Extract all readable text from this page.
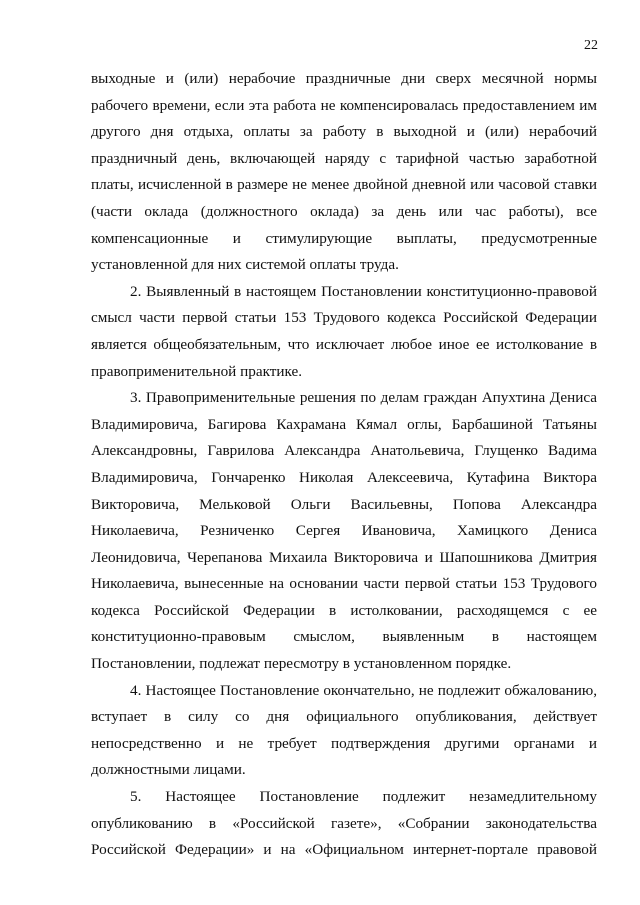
22
выходные и (или) нерабочие праздничные дни сверх месячной нормы
рабочего времени, если эта работа не компенсировалась предоставлением им
другого дня отдыха, оплаты за работу в выходной и (или) нерабочий
праздничный день, включающей наряду с тарифной частью заработной
платы, исчисленной в размере не менее двойной дневной или часовой ставки
(части оклада (должностного оклада) за день или час работы), все
компенсационные и стимулирующие выплаты, предусмотренные
установленной для них системой оплаты труда.
2. Выявленный в настоящем Постановлении конституционно-правовой
смысл части первой статьи 153 Трудового кодекса Российской Федерации
является общеобязательным, что исключает любое иное ее истолкование в
правоприменительной практике.
3. Правоприменительные решения по делам граждан Апухтина Дениса
Владимировича, Багирова Кахрамана Кямал оглы, Барбашиной Татьяны
Александровны, Гаврилова Александра Анатольевича, Глущенко Вадима
Владимировича, Гончаренко Николая Алексеевича, Кутафина Виктора
Викторовича, Мельковой Ольги Васильевны, Попова Александра
Николаевича, Резниченко Сергея Ивановича, Хамицкого Дениса
Леонидовича, Черепанова Михаила Викторовича и Шапошникова Дмитрия
Николаевича, вынесенные на основании части первой статьи 153 Трудового
кодекса Российской Федерации в истолковании, расходящемся с ее
конституционно-правовым смыслом, выявленным в настоящем
Постановлении, подлежат пересмотру в установленном порядке.
4. Настоящее Постановление окончательно, не подлежит обжалованию,
вступает в силу со дня официального опубликования, действует
непосредственно и не требует подтверждения другими органами и
должностными лицами.
5. Настоящее Постановление подлежит незамедлительному
опубликованию в «Российской газете», «Собрании законодательства
Российской Федерации» и на «Официальном интернет-портале правовой
